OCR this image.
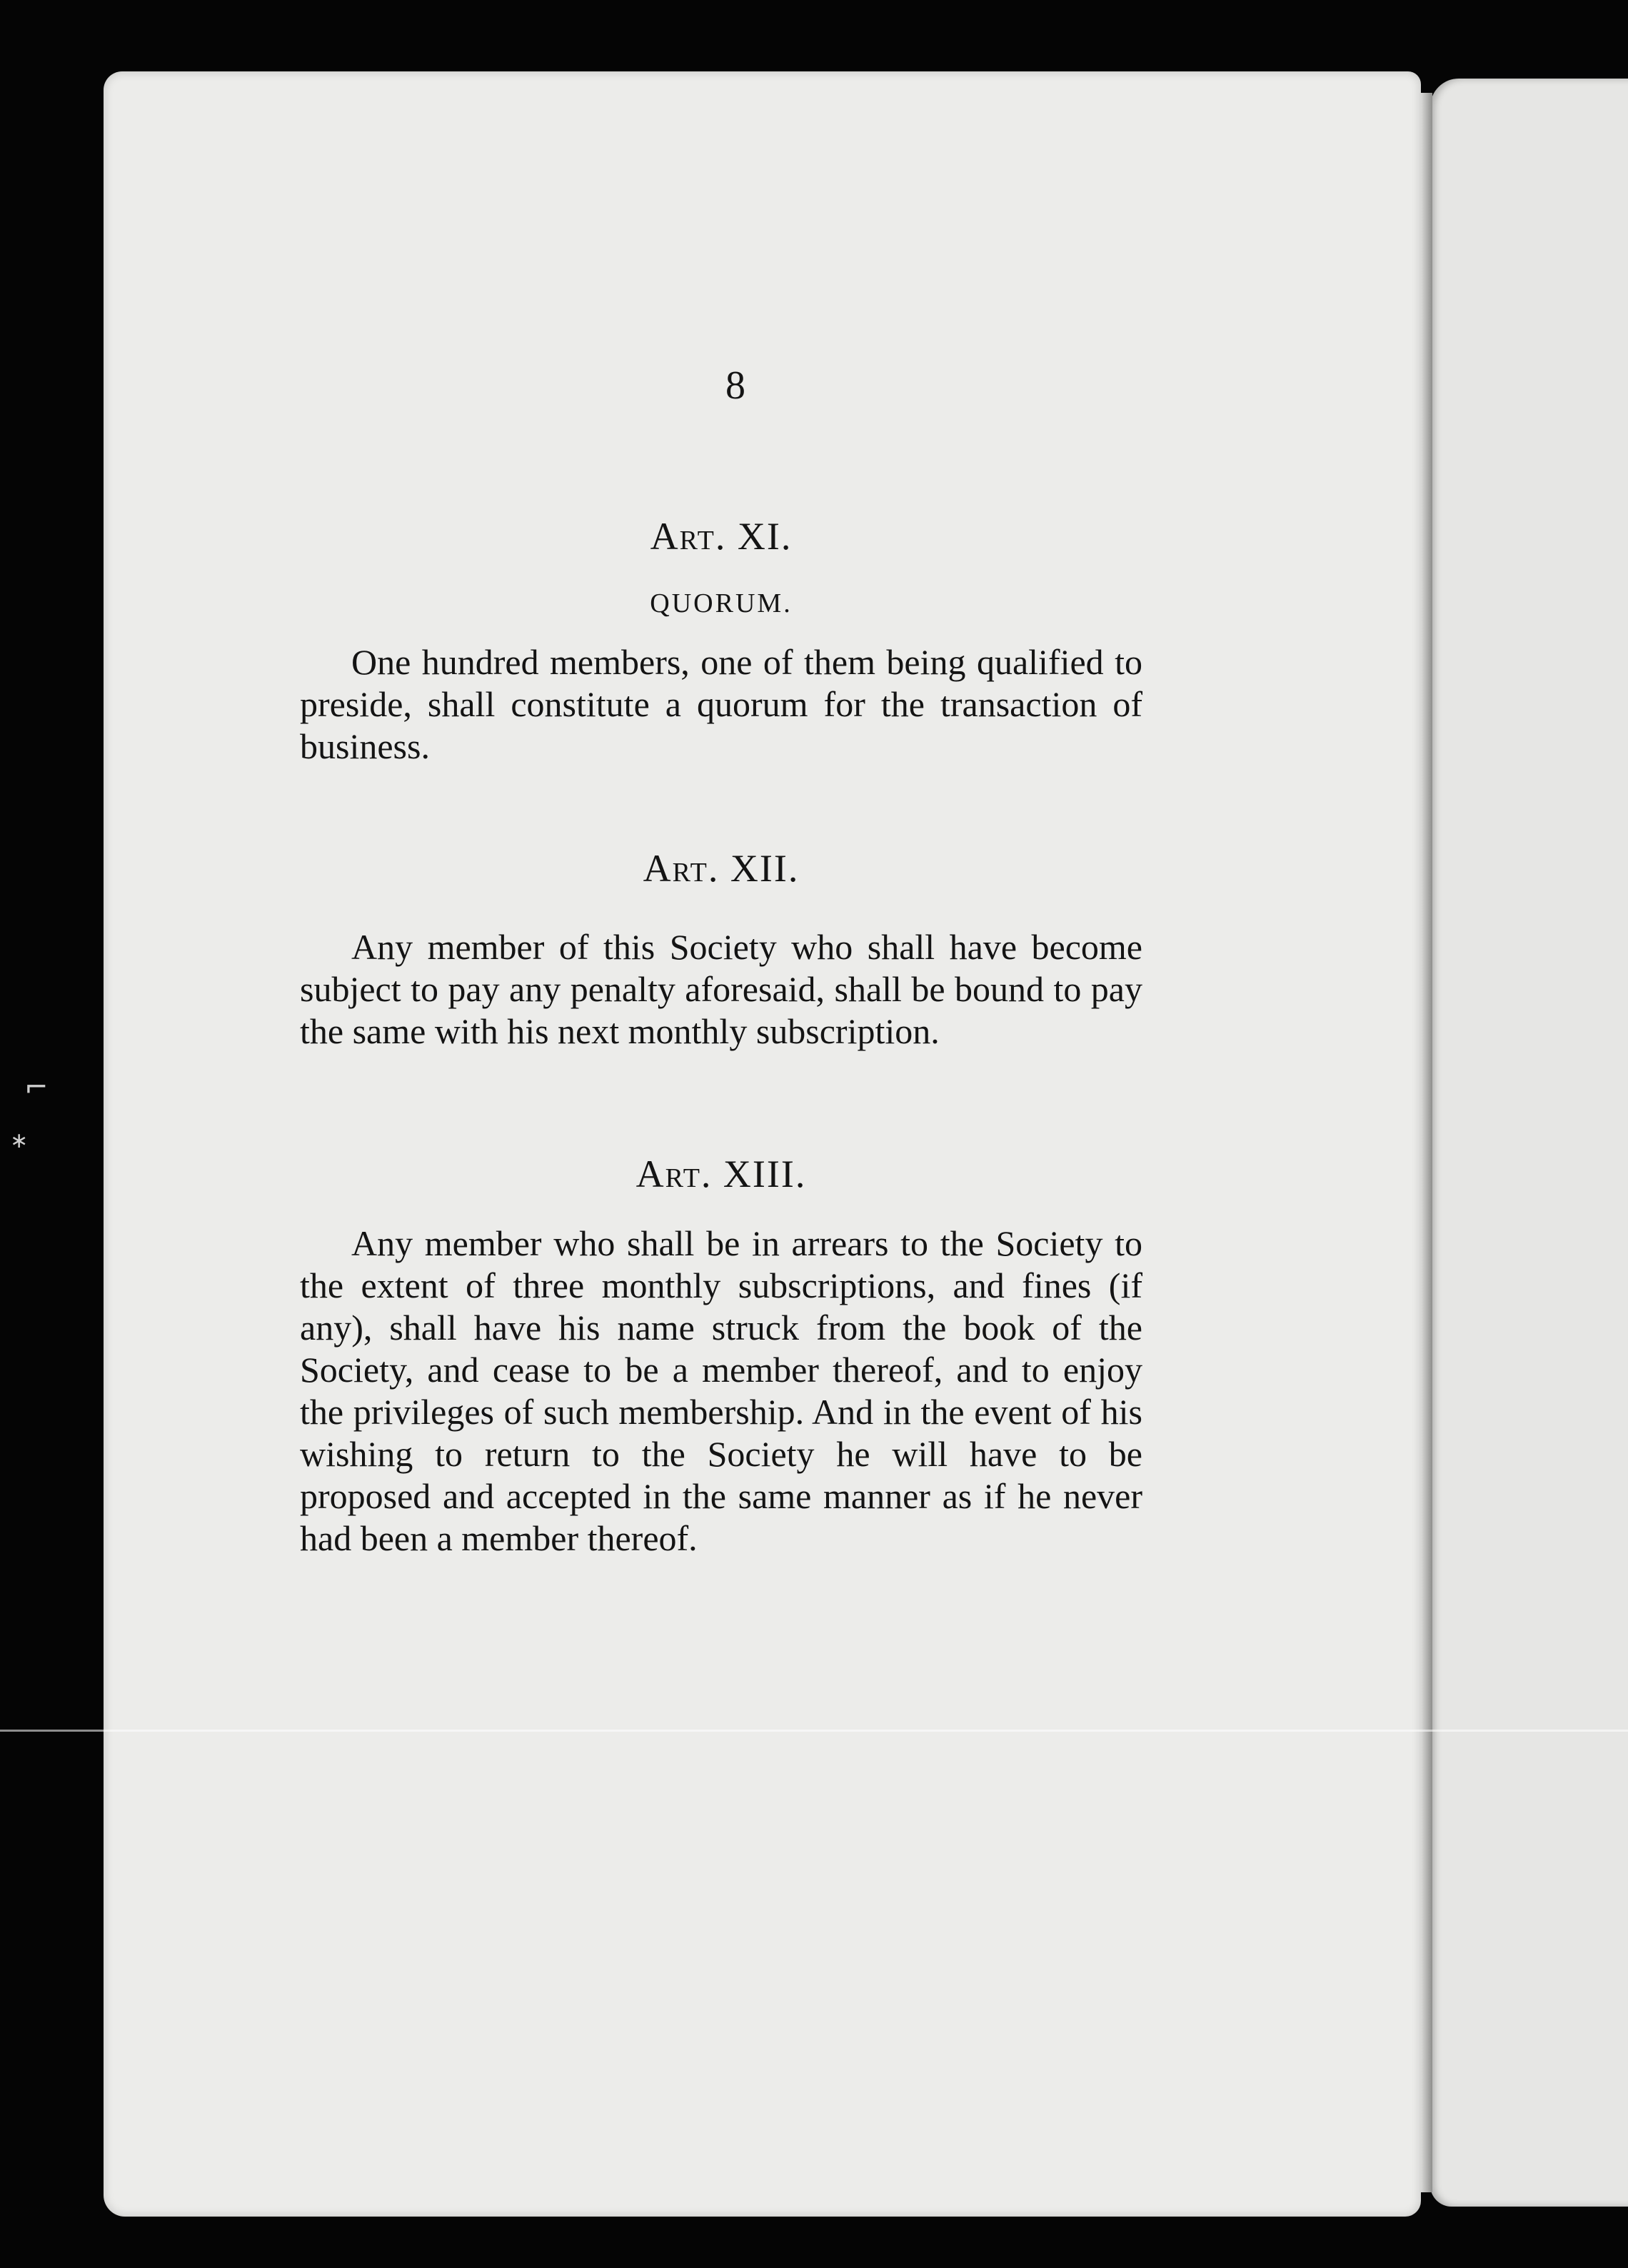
8
Art. XI.
QUORUM.

One hundred members, one of them being qualified to preside, shall constitute a quorum for the transaction of business.

Art. XII.

Any member of this Society who shall have become subject to pay any penalty aforesaid, shall be bound to pay the same with his next monthly subscription.

Art. XIII.

Any member who shall be in arrears to the Society to the extent of three monthly subscriptions, and fines (if any), shall have his name struck from the book of the Society, and cease to be a member thereof, and to enjoy the privileges of such membership. And in the event of his wishing to return to the Society he will have to be proposed and accepted in the same manner as if he never had been a member thereof.

⌐
∗
